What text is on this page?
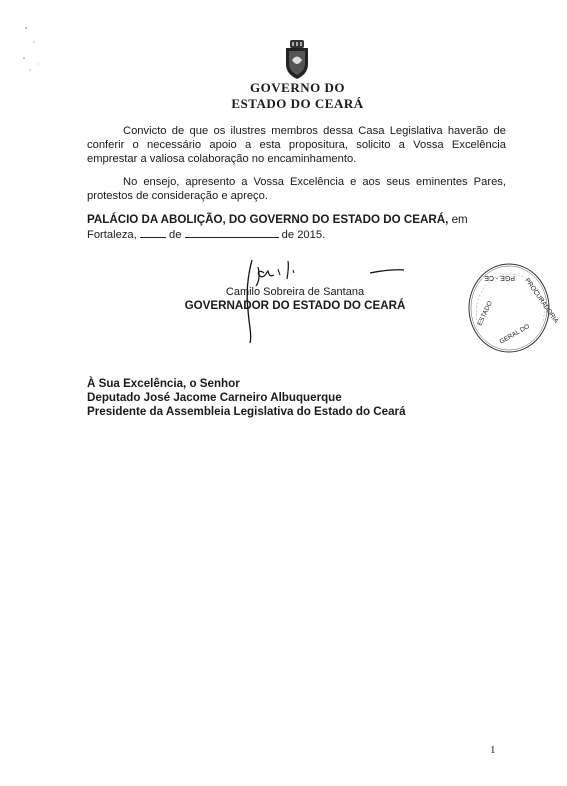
GOVERNO DO
ESTADO DO CEARÁ
Convicto de que os ilustres membros dessa Casa Legislativa haverão de conferir o necessário apoio a esta propositura, solicito a Vossa Excelência emprestar a valiosa colaboração no encaminhamento.
No ensejo, apresento a Vossa Excelência e aos seus eminentes Pares, protestos de consideração e apreço.
PALÁCIO DA ABOLIÇÃO, DO GOVERNO DO ESTADO DO CEARÁ, em
Fortaleza,	de	de 2015.
Camilo Sobreira de Santana
GOVERNADOR DO ESTADO DO CEARÁ
PGE - CE
ESTADO	PROCURADORIA
GERAL DO
À Sua Excelência, o Senhor
Deputado José Jacome Carneiro Albuquerque
Presidente da Assembleia Legislativa do Estado do Ceará
1
